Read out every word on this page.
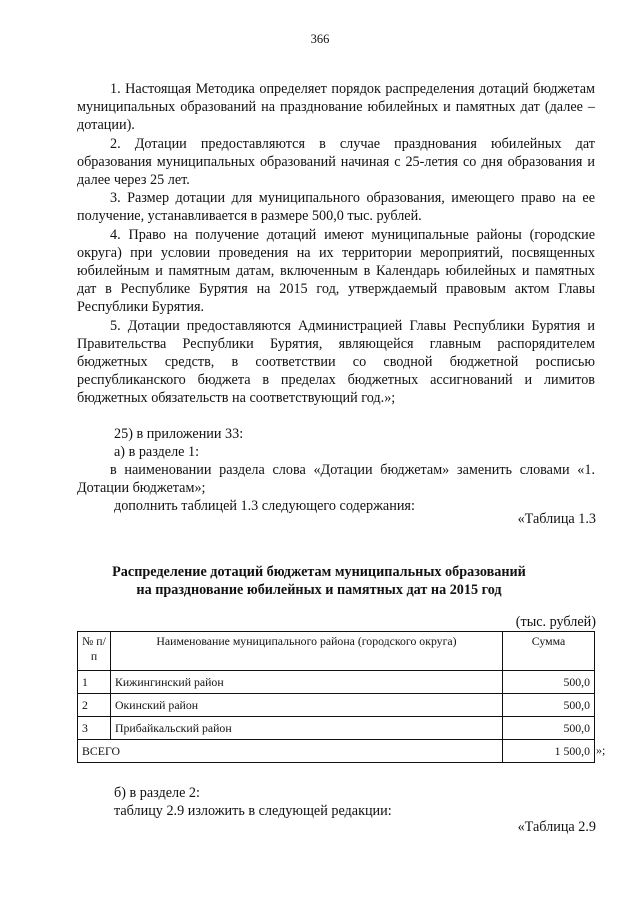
366

1. Настоящая Методика определяет порядок распределения дотаций бюджетам муниципальных образований на празднование юбилейных и памятных дат (далее – дотации).

2. Дотации предоставляются в случае празднования юбилейных дат образования муниципальных образований начиная с 25-летия со дня образования и далее через 25 лет.

3. Размер дотации для муниципального образования, имеющего право на ее получение, устанавливается в размере 500,0 тыс. рублей.

4. Право на получение дотаций имеют муниципальные районы (городские округа) при условии проведения на их территории мероприятий, посвященных юбилейным и памятным датам, включенным в Календарь юбилейных и памятных дат в Республике Бурятия на 2015 год, утверждаемый правовым актом Главы Республики Бурятия.

5. Дотации предоставляются Администрацией Главы Республики Бурятия и Правительства Республики Бурятия, являющейся главным распорядителем бюджетных средств, в соответствии со сводной бюджетной росписью республиканского бюджета в пределах бюджетных ассигнований и лимитов бюджетных обязательств на соответствующий год.»;

25) в приложении 33:

а) в разделе 1:

в наименовании раздела слова «Дотации бюджетам» заменить словами «1. Дотации бюджетам»;

дополнить таблицей 1.3 следующего содержания:

«Таблица 1.3
Распределение дотаций бюджетам муниципальных образований
на празднование юбилейных и памятных дат на 2015 год
(тыс. рублей)
№ п/п	Наименование муниципального района (городского округа)	Сумма
1	Кижингинский район	500,0
2	Окинский район	500,0
3	Прибайкальский район	500,0
ВСЕГО		1 500,0 »;

б) в разделе 2:

таблицу 2.9 изложить в следующей редакции:

«Таблица 2.9
